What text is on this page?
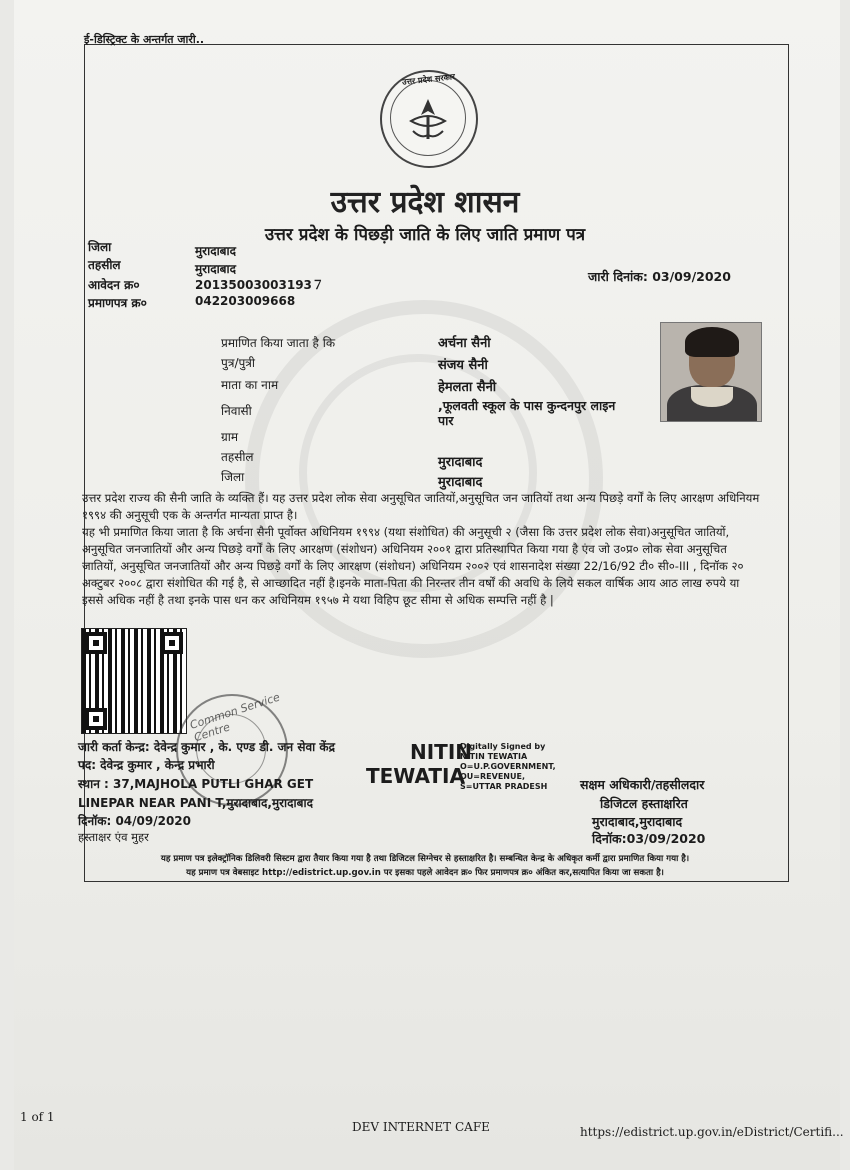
ई-डिस्ट्रिक्ट के अन्तर्गत जारी..
उत्तर प्रदेश सरकार
उत्तर प्रदेश शासन
उत्तर प्रदेश के पिछड़ी जाति के लिए जाति प्रमाण पत्र
जिला	मुरादाबाद
तहसील	मुरादाबाद
आवेदन क्र०	20135003003193７
प्रमाणपत्र क्र०	042203009668
जारी दिनांक: 03/09/2020
प्रमाणित किया जाता है कि	अर्चना सैनी
पुत्र/पुत्री	संजय सैनी
माता का नाम	हेमलता सैनी
निवासी	,फूलवती स्कूल के पास कुन्दनपुर लाइन
पार
ग्राम
तहसील	मुरादाबाद
जिला	मुरादाबाद
उत्तर प्रदेश राज्य की सैनी जाति के व्यक्ति हैं। यह उत्तर प्रदेश लोक सेवा अनुसूचित जातियों,अनुसूचित जन जातियों तथा अन्य पिछड़े वर्गों के लिए आरक्षण अधिनियम १९९४ की अनुसूची एक के अन्तर्गत मान्यता प्राप्त है।
यह भी प्रमाणित किया जाता है कि अर्चना सैनी पूर्वोक्त अधिनियम १९९४ (यथा संशोधित) की अनुसूची २ (जैसा कि उत्तर प्रदेश लोक सेवा)अनुसूचित जातियों, अनुसूचित जनजातियों और अन्य पिछड़े वर्गों के लिए आरक्षण (संशोधन) अधिनियम २००१ द्वारा प्रतिस्थापित किया गया है एंव जो उ०प्र० लोक सेवा अनुसूचित जातियों, अनुसूचित जनजातियों और अन्य पिछड़े वर्गों के लिए आरक्षण (संशोधन) अधिनियम २००२ एवं शासनादेश संख्या 22/16/92 टी० सी०-III , दिनॉक २० अक्टुबर २००८ द्वारा संशोधित की गई है, से आच्छादित नहीं है।इनके माता-पिता की निरन्तर तीन वर्षों की अवधि के लिये सकल वार्षिक आय आठ लाख रुपये या इससे अधिक नहीं है तथा इनके पास धन कर अधिनियम १९५७ मे यथा विहिप छूट सीमा से अधिक सम्पत्ति नहीं है |
Common Service Centre
जारी कर्ता केन्द्र: देवेन्द्र कुमार , के. एण्ड डी. जन सेवा केंद्र
पद: देवेन्द्र कुमार , केन्द्र प्रभारी
स्थान : 37,MAJHOLA PUTLI GHAR GET
LINEPAR NEAR PANI T,मुरादाबाद,मुरादाबाद
दिनॉक: 04/09/2020
हस्ताक्षर एंव मुहर
NITIN
TEWATIA
Digitally Signed by
NITIN TEWATIA
O=U.P.GOVERNMENT,
OU=REVENUE,
S=UTTAR PRADESH	सक्षम अधिकारी/तहसीलदार
डिजिटल हस्ताक्षरित
मुरादाबाद,मुरादाबाद
दिनॉक:03/09/2020
यह प्रमाण पत्र इलेक्ट्रॉनिक डिलिवरी सिस्टम द्वारा तैयार किया गया है तथा डिजिटल सिग्नेचर से हस्ताक्षरित है। सम्बन्धित केन्द्र के अधिकृत कर्मी द्वारा प्रमाणित किया गया है।
यह प्रमाण पत्र वेबसाइट http://edistrict.up.gov.in पर इसका पहले आवेदन क्र० फिर प्रमाणपत्र क्र० अंकित कर,सत्यापित किया जा सकता है।
1 of 1
DEV INTERNET CAFE	https://edistrict.up.gov.in/eDistrict/Certifi...
